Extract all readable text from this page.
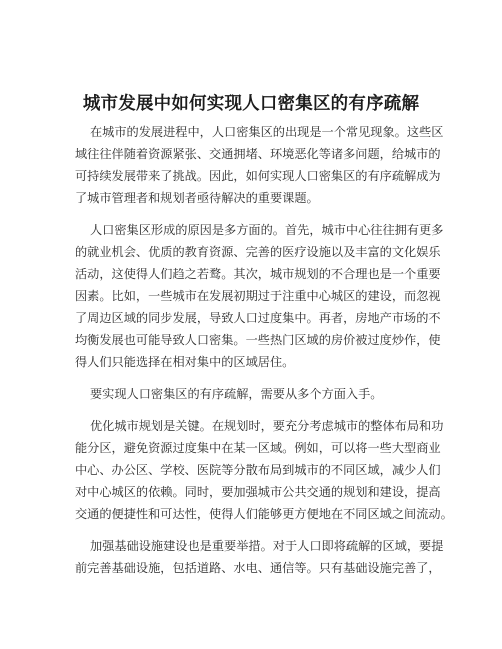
城市发展中如何实现人口密集区的有序疏解
在城市的发展进程中，人口密集区的出现是一个常见现象。这些区
域往往伴随着资源紧张、交通拥堵、环境恶化等诸多问题，给城市的
可持续发展带来了挑战。因此，如何实现人口密集区的有序疏解成为
了城市管理者和规划者亟待解决的重要课题。
人口密集区形成的原因是多方面的。首先，城市中心往往拥有更多
的就业机会、优质的教育资源、完善的医疗设施以及丰富的文化娱乐
活动，这使得人们趋之若鹜。其次，城市规划的不合理也是一个重要
因素。比如，一些城市在发展初期过于注重中心城区的建设，而忽视
了周边区域的同步发展，导致人口过度集中。再者，房地产市场的不
均衡发展也可能导致人口密集。一些热门区域的房价被过度炒作，使
得人们只能选择在相对集中的区域居住。
要实现人口密集区的有序疏解，需要从多个方面入手。
优化城市规划是关键。在规划时，要充分考虑城市的整体布局和功
能分区，避免资源过度集中在某一区域。例如，可以将一些大型商业
中心、办公区、学校、医院等分散布局到城市的不同区域，减少人们
对中心城区的依赖。同时，要加强城市公共交通的规划和建设，提高
交通的便捷性和可达性，使得人们能够更方便地在不同区域之间流动。
加强基础设施建设也是重要举措。对于人口即将疏解的区域，要提
前完善基础设施，包括道路、水电、通信等。只有基础设施完善了，
